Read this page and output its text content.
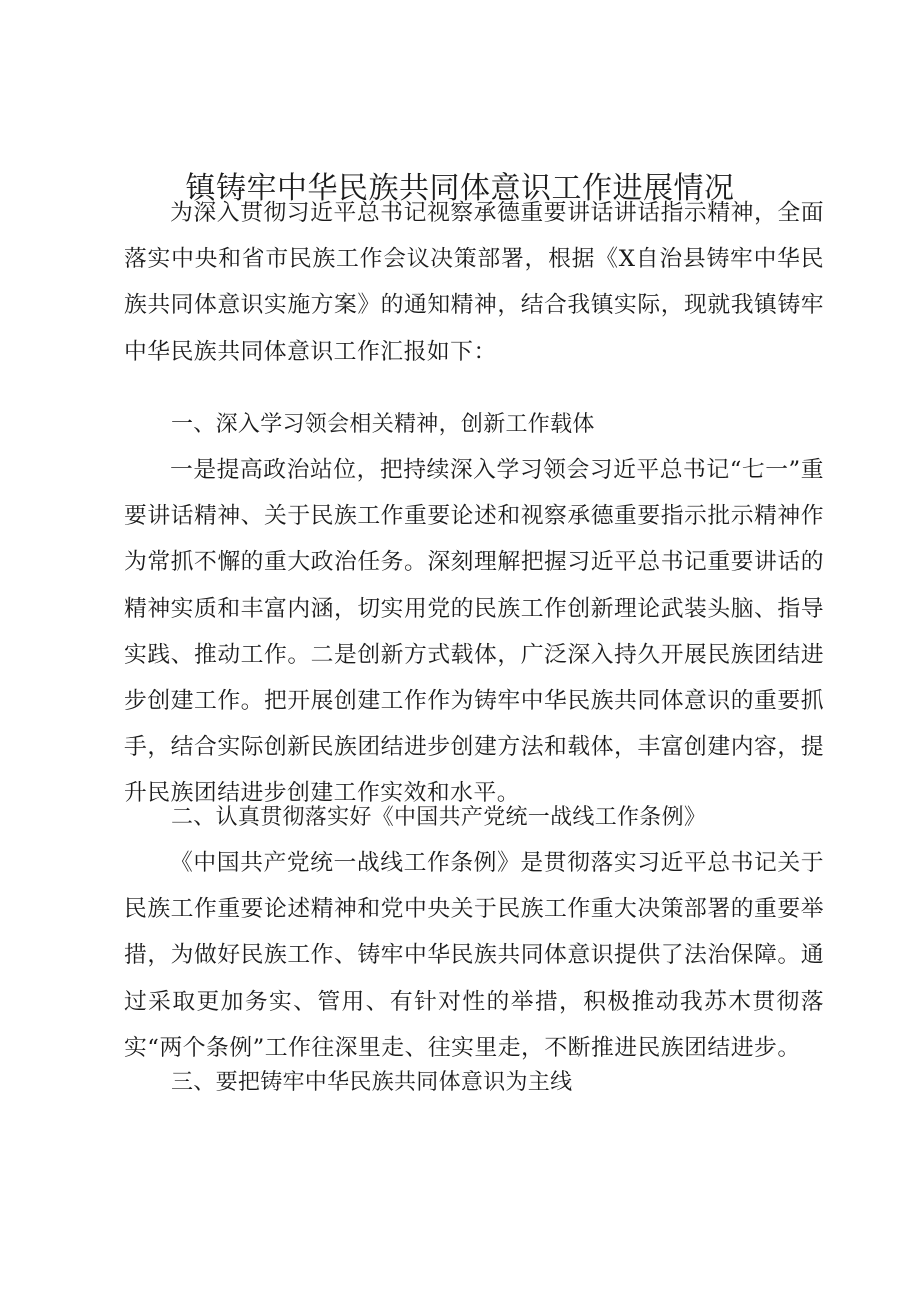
镇铸牢中华民族共同体意识工作进展情况

为深入贯彻习近平总书记视察承德重要讲话讲话指示精神，全面落实中央和省市民族工作会议决策部署，根据《X自治县铸牢中华民族共同体意识实施方案》的通知精神，结合我镇实际，现就我镇铸牢中华民族共同体意识工作汇报如下：

一、深入学习领会相关精神，创新工作载体

一是提高政治站位，把持续深入学习领会习近平总书记“七一”重要讲话精神、关于民族工作重要论述和视察承德重要指示批示精神作为常抓不懈的重大政治任务。深刻理解把握习近平总书记重要讲话的精神实质和丰富内涵，切实用党的民族工作创新理论武装头脑、指导实践、推动工作。二是创新方式载体，广泛深入持久开展民族团结进步创建工作。把开展创建工作作为铸牢中华民族共同体意识的重要抓手，结合实际创新民族团结进步创建方法和载体，丰富创建内容，提升民族团结进步创建工作实效和水平。

二、认真贯彻落实好《中国共产党统一战线工作条例》

《中国共产党统一战线工作条例》是贯彻落实习近平总书记关于民族工作重要论述精神和党中央关于民族工作重大决策部署的重要举措，为做好民族工作、铸牢中华民族共同体意识提供了法治保障。通过采取更加务实、管用、有针对性的举措，积极推动我苏木贯彻落实“两个条例”工作往深里走、往实里走，不断推进民族团结进步。

三、要把铸牢中华民族共同体意识为主线
